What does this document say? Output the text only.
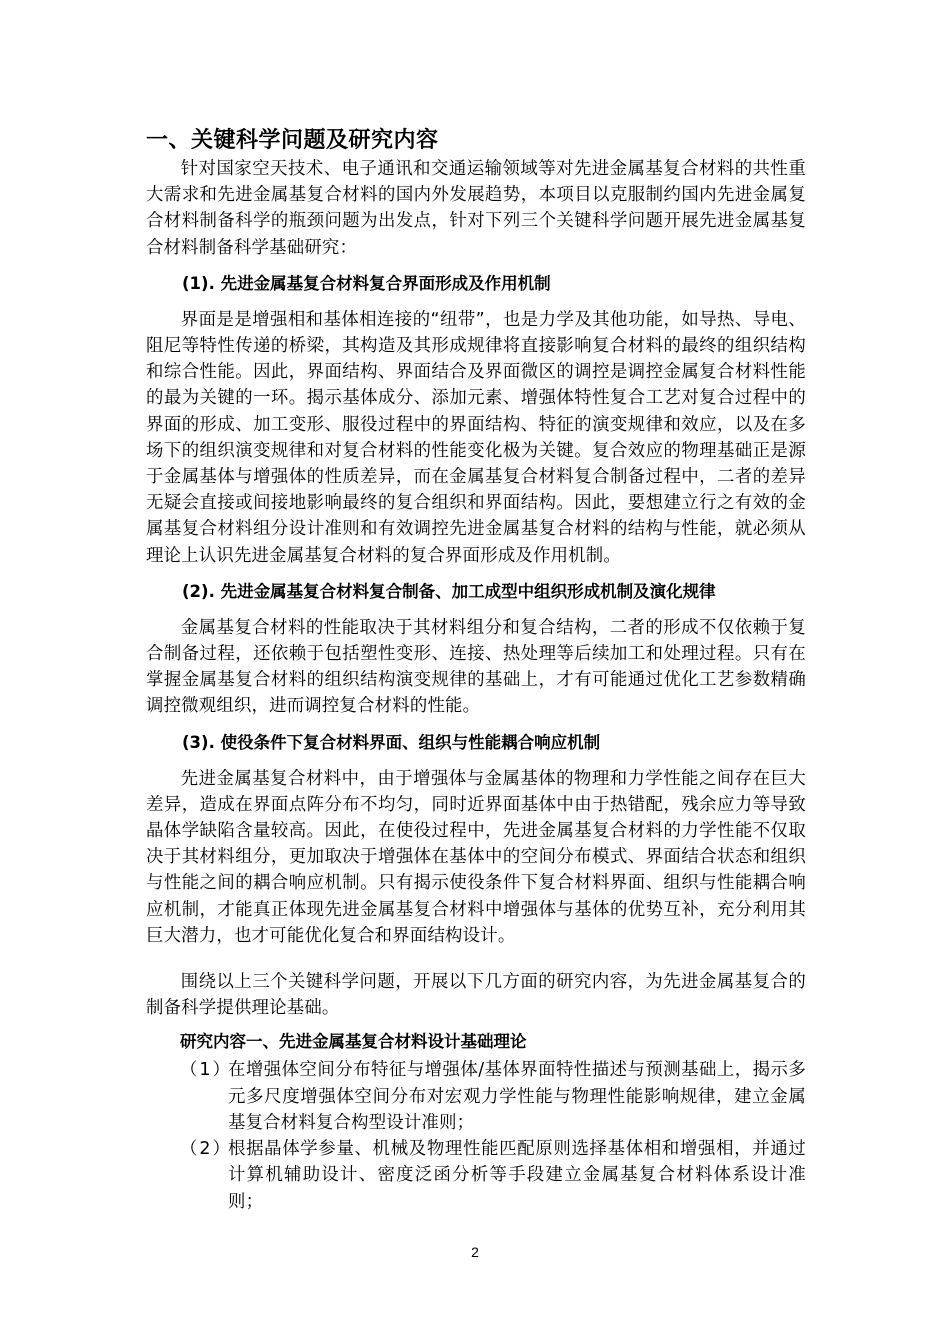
一、关键科学问题及研究内容

针对国家空天技术、电子通讯和交通运输领域等对先进金属基复合材料的共性重大需求和先进金属基复合材料的国内外发展趋势，本项目以克服制约国内先进金属复合材料制备科学的瓶颈问题为出发点，针对下列三个关键科学问题开展先进金属基复合材料制备科学基础研究：

(1). 先进金属基复合材料复合界面形成及作用机制

界面是是增强相和基体相连接的“纽带”，也是力学及其他功能，如导热、导电、阻尼等特性传递的桥梁，其构造及其形成规律将直接影响复合材料的最终的组织结构和综合性能。因此，界面结构、界面结合及界面微区的调控是调控金属复合材料性能的最为关键的一环。揭示基体成分、添加元素、增强体特性复合工艺对复合过程中的界面的形成、加工变形、服役过程中的界面结构、特征的演变规律和效应，以及在多场下的组织演变规律和对复合材料的性能变化极为关键。复合效应的物理基础正是源于金属基体与增强体的性质差异，而在金属基复合材料复合制备过程中，二者的差异无疑会直接或间接地影响最终的复合组织和界面结构。因此，要想建立行之有效的金属基复合材料组分设计准则和有效调控先进金属基复合材料的结构与性能，就必须从理论上认识先进金属基复合材料的复合界面形成及作用机制。

(2). 先进金属基复合材料复合制备、加工成型中组织形成机制及演化规律

金属基复合材料的性能取决于其材料组分和复合结构，二者的形成不仅依赖于复合制备过程，还依赖于包括塑性变形、连接、热处理等后续加工和处理过程。只有在掌握金属基复合材料的组织结构演变规律的基础上，才有可能通过优化工艺参数精确调控微观组织，进而调控复合材料的性能。

(3). 使役条件下复合材料界面、组织与性能耦合响应机制

先进金属基复合材料中，由于增强体与金属基体的物理和力学性能之间存在巨大差异，造成在界面点阵分布不均匀，同时近界面基体中由于热错配，残余应力等导致晶体学缺陷含量较高。因此，在使役过程中，先进金属基复合材料的力学性能不仅取决于其材料组分，更加取决于增强体在基体中的空间分布模式、界面结合状态和组织与性能之间的耦合响应机制。只有揭示使役条件下复合材料界面、组织与性能耦合响应机制，才能真正体现先进金属基复合材料中增强体与基体的优势互补，充分利用其巨大潜力，也才可能优化复合和界面结构设计。

围绕以上三个关键科学问题，开展以下几方面的研究内容，为先进金属基复合的制备科学提供理论基础。

研究内容一、先进金属基复合材料设计基础理论
（1）
在增强体空间分布特征与增强体/基体界面特性描述与预测基础上，揭示多元多尺度增强体空间分布对宏观力学性能与物理性能影响规律，建立金属基复合材料复合构型设计准则；
（2）
根据晶体学参量、机械及物理性能匹配原则选择基体相和增强相，并通过计算机辅助设计、密度泛函分析等手段建立金属基复合材料体系设计准则；
2
